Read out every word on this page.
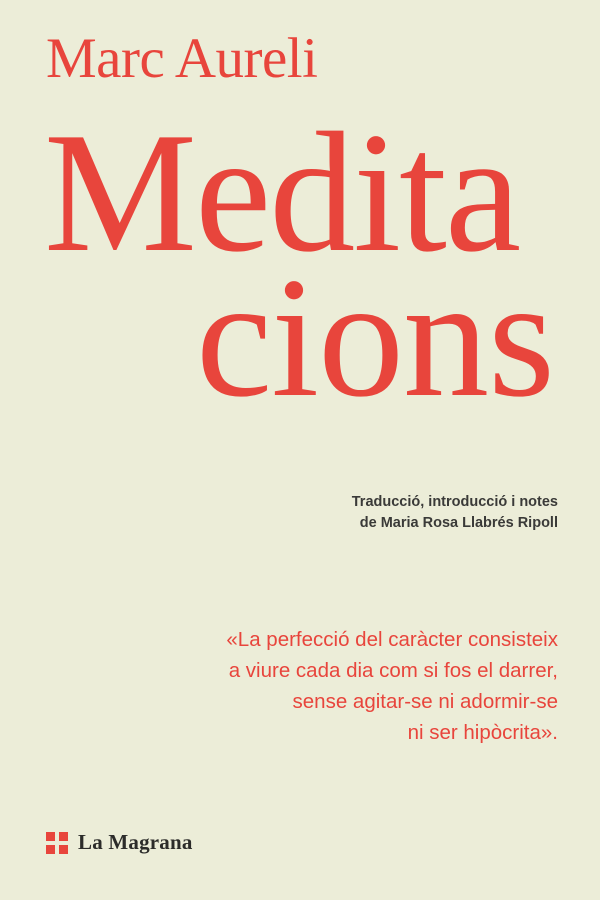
Marc Aureli
Medita
cions
Traducció, introducció i notes
de Maria Rosa Llabrés Ripoll
«La perfecció del caràcter consisteix
a viure cada dia com si fos el darrer,
sense agitar-se ni adormir-se
ni ser hipòcrita».
La Magrana
